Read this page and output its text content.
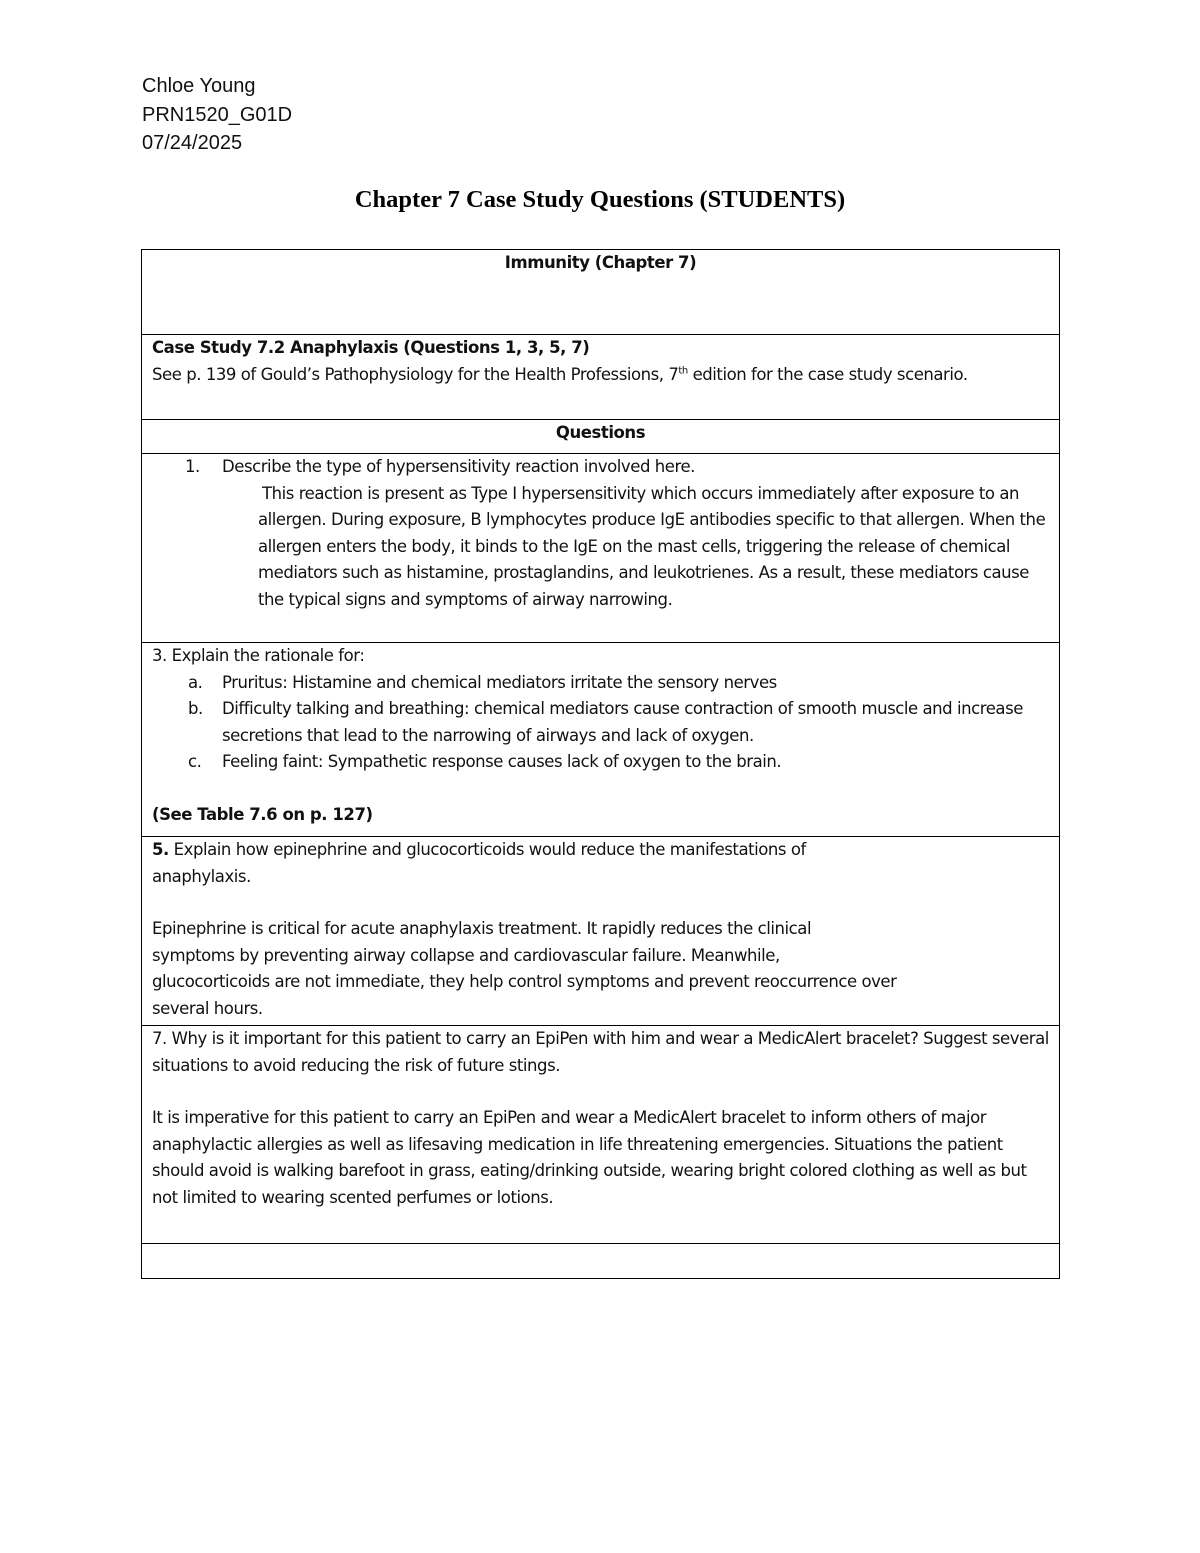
Chloe Young
PRN1520_G01D
07/24/2025
Chapter 7 Case Study Questions (STUDENTS)
Immunity (Chapter 7)

Case Study 7.2 Anaphylaxis (Questions 1, 3, 5, 7)
See p. 139 of Gould’s Pathophysiology for the Health Professions, 7th edition for the case study scenario.

Questions

1.	Describe the type of hypersensitivity reaction involved here.
This reaction is present as Type I hypersensitivity which occurs immediately after exposure to an allergen. During exposure, B lymphocytes produce IgE antibodies specific to that allergen. When the allergen enters the body, it binds to the IgE on the mast cells, triggering the release of chemical mediators such as histamine, prostaglandins, and leukotrienes. As a result, these mediators cause the typical signs and symptoms of airway narrowing.

3. Explain the rationale for:
a. Pruritus: Histamine and chemical mediators irritate the sensory nerves
b. Difficulty talking and breathing: chemical mediators cause contraction of smooth muscle and increase secretions that lead to the narrowing of airways and lack of oxygen.
c. Feeling faint: Sympathetic response causes lack of oxygen to the brain.
(See Table 7.6 on p. 127)

5. Explain how epinephrine and glucocorticoids would reduce the manifestations of anaphylaxis.
Epinephrine is critical for acute anaphylaxis treatment. It rapidly reduces the clinical symptoms by preventing airway collapse and cardiovascular failure. Meanwhile, glucocorticoids are not immediate, they help control symptoms and prevent reoccurrence over several hours.

7. Why is it important for this patient to carry an EpiPen with him and wear a MedicAlert bracelet? Suggest several situations to avoid reducing the risk of future stings.
It is imperative for this patient to carry an EpiPen and wear a MedicAlert bracelet to inform others of major anaphylactic allergies as well as lifesaving medication in life threatening emergencies. Situations the patient should avoid is walking barefoot in grass, eating/drinking outside, wearing bright colored clothing as well as but not limited to wearing scented perfumes or lotions.
